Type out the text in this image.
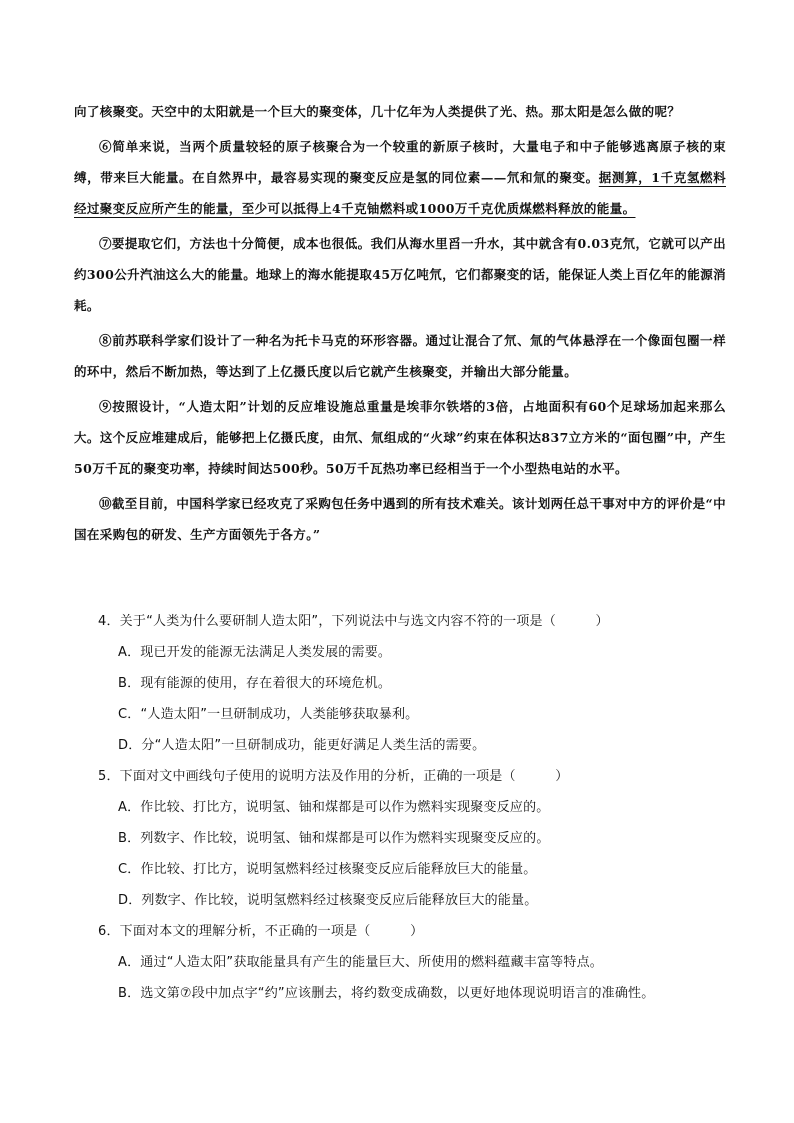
向了核聚变。天空中的太阳就是一个巨大的聚变体，几十亿年为人类提供了光、热。那太阳是怎么做的呢？

⑥简单来说，当两个质量较轻的原子核聚合为一个较重的新原子核时，大量电子和中子能够逃离原子核的束缚，带来巨大能量。在自然界中，最容易实现的聚变反应是氢的同位素——氘和氚的聚变。据测算，1千克氢燃料经过聚变反应所产生的能量，至少可以抵得上4千克铀燃料或1000万千克优质煤燃料释放的能量。

⑦要提取它们，方法也十分简便，成本也很低。我们从海水里舀一升水，其中就含有0.03克氘，它就可以产出约300公升汽油这么大的能量。地球上的海水能提取45万亿吨氘，它们都聚变的话，能保证人类上百亿年的能源消耗。

⑧前苏联科学家们设计了一种名为托卡马克的环形容器。通过让混合了氘、氚的气体悬浮在一个像面包圈一样的环中，然后不断加热，等达到了上亿摄氏度以后它就产生核聚变，并输出大部分能量。

⑨按照设计，“人造太阳”计划的反应堆设施总重量是埃菲尔铁塔的3倍，占地面积有60个足球场加起来那么大。这个反应堆建成后，能够把上亿摄氏度，由氘、氚组成的“火球”约束在体积达837立方米的“面包圈”中，产生50万千瓦的聚变功率，持续时间达500秒。50万千瓦热功率已经相当于一个小型热电站的水平。

⑩截至目前，中国科学家已经攻克了采购包任务中遇到的所有技术难关。该计划两任总干事对中方的评价是“中国在采购包的研发、生产方面领先于各方。”

4．关于“人类为什么要研制人造太阳”，下列说法中与选文内容不符的一项是（　　　）

A．现已开发的能源无法满足人类发展的需要。

B．现有能源的使用，存在着很大的环境危机。

C．“人造太阳”一旦研制成功，人类能够获取暴利。

D．分“人造太阳”一旦研制成功，能更好满足人类生活的需要。

5．下面对文中画线句子使用的说明方法及作用的分析，正确的一项是（　　　）

A．作比较、打比方，说明氢、铀和煤都是可以作为燃料实现聚变反应的。

B．列数字、作比较，说明氢、铀和煤都是可以作为燃料实现聚变反应的。

C．作比较、打比方，说明氢燃料经过核聚变反应后能释放巨大的能量。

D．列数字、作比较，说明氢燃料经过核聚变反应后能释放巨大的能量。

6．下面对本文的理解分析，不正确的一项是（　　　）

A．通过“人造太阳”获取能量具有产生的能量巨大、所使用的燃料蕴藏丰富等特点。

B．选文第⑦段中加点字“约”应该删去，将约数变成确数，以更好地体现说明语言的准确性。
